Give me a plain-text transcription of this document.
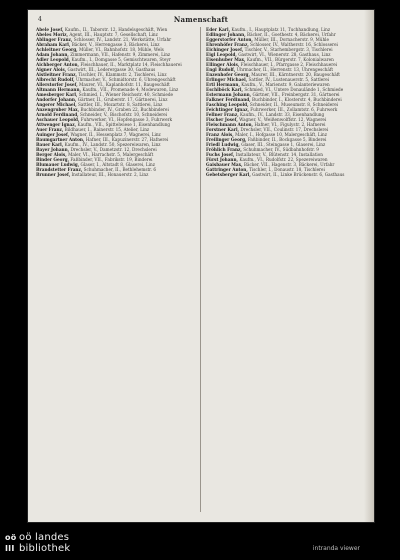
4	Namenschaft

Abele Josef, Kaufm., II., Taborstr. 12, Handelsgeschäft, Wien

Abeles Moriz, Agent, III., Hauptstr. 7, Gesellschaft, Linz

Ablinger Franz, Schlosser, IV., Landstr. 21, Werkstätte, Urfahr

Abraham Karl, Bäcker, V., Herrengasse 3, Bäckerei, Linz

Achleitner Georg, Müller, VI., Bahnhofstr. 18, Mühle, Wels

Adam Johann, Zimmermann, VII., Hafenstr. 9, Zimmerei, Linz

Adler Leopold, Kaufm., I., Domgasse 5, Gemischtwaren, Steyr

Aichberger Anton, Fleischhauer, II., Marktplatz 14, Fleischhauerei

Aigner Alois, Gastwirt, III., Lederergasse 30, Gasthaus

Aistleitner Franz, Tischler, IV., Klammstr. 2, Tischlerei, Linz

Albrecht Rudolf, Uhrmacher, V., Schmidtorstr. 6, Uhrengeschäft

Allerstorfer Josef, Maurer, VI., Kaplanhofstr. 11, Baugeschäft

Altmann Hermann, Kaufm., VII., Promenade 4, Modewaren, Linz

Amesberger Karl, Schmied, I., Wiener Reichsstr. 40, Schmiede

Andorfer Johann, Gärtner, II., Gruberstr. 17, Gärtnerei, Linz

Angerer Michael, Sattler, III., Mozartstr. 8, Sattlerei, Linz

Anzengruber Max, Buchbinder, IV., Graben 22, Buchbinderei

Arnold Ferdinand, Schneider, V., Bischofstr. 10, Schneiderei

Aschauer Leopold, Fuhrwerker, VI., Hopfengasse 3, Fuhrwerk

Attwenger Ignaz, Kaufm., VII., Spittelwiese 1, Eisenhandlung

Auer Franz, Bildhauer, I., Rainerstr. 15, Atelier, Linz

Auinger Josef, Wagner, II., Hessenplatz 7, Wagnerei, Linz

Baumgartner Anton, Hafner, III., Kapuzinerstr. 27, Hafnerei

Bauer Karl, Kaufm., IV., Landstr. 50, Spezereiwaren, Linz

Bayer Johann, Drechsler, V., Dametzstr. 12, Drechslerei

Berger Alois, Maler, VI., Harrachstr. 5, Malergeschäft

Binder Georg, Faßbinder, VII., Fabrikstr. 19, Binderei

Blumauer Ludwig, Glaser, I., Altstadt 8, Glaserei, Linz

Brandstetter Franz, Schuhmacher, II., Bethlehemstr. 6

Brunner Josef, Installateur, III., Honauerstr. 2, Linz

Eder Karl, Kaufm., I., Hauptplatz 11, Tuchhandlung, Linz

Edlinger Johann, Bäcker, II., Goethestr. 4, Bäckerei, Urfahr

Eggerstorfer Anton, Müller, III., Dornacherstr. 9, Mühle

Ehrenhöfer Franz, Schlosser, IV., Waltherstr. 16, Schlosserei

Eichinger Josef, Tischler, V., Starhembergstr. 3, Tischlerei

Eigl Leopold, Gastwirt, VI., Wienerstr. 28, Gasthaus, Linz

Eisenhuber Max, Kaufm., VII., Bürgerstr. 7, Kolonialwaren

Ellinger Alois, Fleischhauer, I., Pfarrgasse 2, Fleischhauerei

Engl Rudolf, Uhrmacher, II., Herrenstr. 13, Uhrengeschäft

Enzenhofer Georg, Maurer, III., Kärntnerstr. 20, Baugeschäft

Erlinger Michael, Sattler, IV., Lustenauerstr. 5, Sattlerei

Ertl Hermann, Kaufm., V., Marienstr. 9, Galanteriewaren

Eschlböck Karl, Schmied, VI., Untere Donaulände 1, Schmiede

Estermann Johann, Gärtner, VII., Freinbergstr. 31, Gärtnerei

Falkner Ferdinand, Buchbinder, I., Klosterstr. 4, Buchbinderei

Fasching Leopold, Schneider, II., Museumstr. 8, Schneiderei

Feichtinger Ignaz, Fuhrwerker, III., Zollamtstr. 6, Fuhrwerk

Fellner Franz, Kaufm., IV., Landstr. 33, Eisenhandlung

Fischer Josef, Wagner, V., Weißenwolffstr. 12, Wagnerei

Fleischmann Anton, Hafner, VI., Figulystr. 2, Hafnerei

Forstner Karl, Drechsler, VII., Coulinstr. 17, Drechslerei

Franz Alois, Maler, I., Hofgasse 10, Malergeschäft, Linz

Freilinger Georg, Faßbinder, II., Bockgasse 5, Binderei

Friedl Ludwig, Glaser, III., Steingasse 1, Glaserei, Linz

Fröhlich Franz, Schuhmacher, IV., Südbahnhofstr. 9

Fuchs Josef, Installateur, V., Blütenstr. 14, Installation

Fürst Johann, Kaufm., VI., Rudolfstr. 22, Spezereiwaren

Gaisbauer Max, Bäcker, VII., Hagenstr. 3, Bäckerei, Urfahr

Gattringer Anton, Tischler, I., Donaustr. 18, Tischlerei

Gebetsberger Karl, Gastwirt, II., Linke Brückenstr. 6, Gasthaus

oö oö landes
III bibliothek	intranda viewer
